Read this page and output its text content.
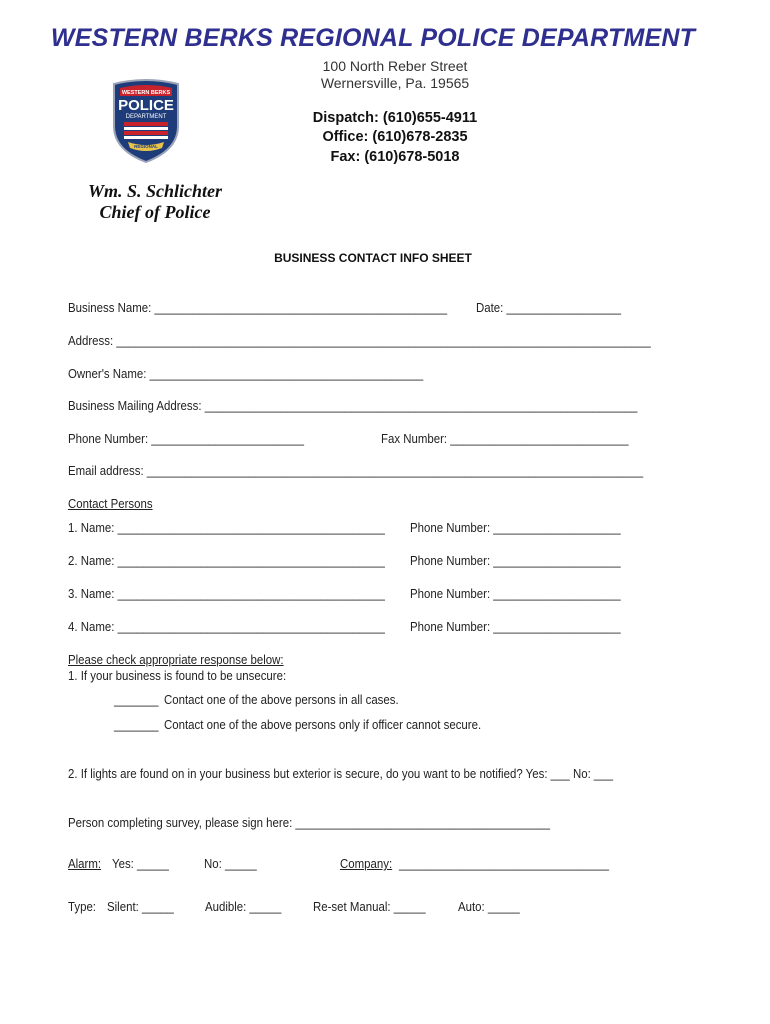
WESTERN BERKS REGIONAL POLICE DEPARTMENT
WESTERN BERKS
POLICE
DEPARTMENT
REGIONAL
100 North Reber Street
Wernersville, Pa. 19565
Dispatch: (610)655-4911
Office: (610)678-2835
Fax: (610)678-5018
Wm. S. Schlichter
Chief of Police
BUSINESS CONTACT INFO SHEET
Business Name: ______________________________________________ Date: __________________
Address: ____________________________________________________________________________________
Owner's Name: ___________________________________________
Business Mailing Address: ____________________________________________________________________
Phone Number: ________________________	Fax Number: ____________________________
Email address: ______________________________________________________________________________
Contact Persons
1. Name: __________________________________________ Phone Number: ____________________
2. Name: __________________________________________ Phone Number: ____________________
3. Name: __________________________________________ Phone Number: ____________________
4. Name: __________________________________________ Phone Number: ____________________
Please check appropriate response below:
1. If your business is found to be unsecure:
_______ Contact one of the above persons in all cases.
_______ Contact one of the above persons only if officer cannot secure.
2. If lights are found on in your business but exterior is secure, do you want to be notified? Yes: ___ No: ___
Person completing survey, please sign here: ________________________________________
Alarm: Yes: _____	No: _____	Company:_________________________________
Type: Silent: _____ Audible: _____ Re-set Manual: _____ Auto: _____
